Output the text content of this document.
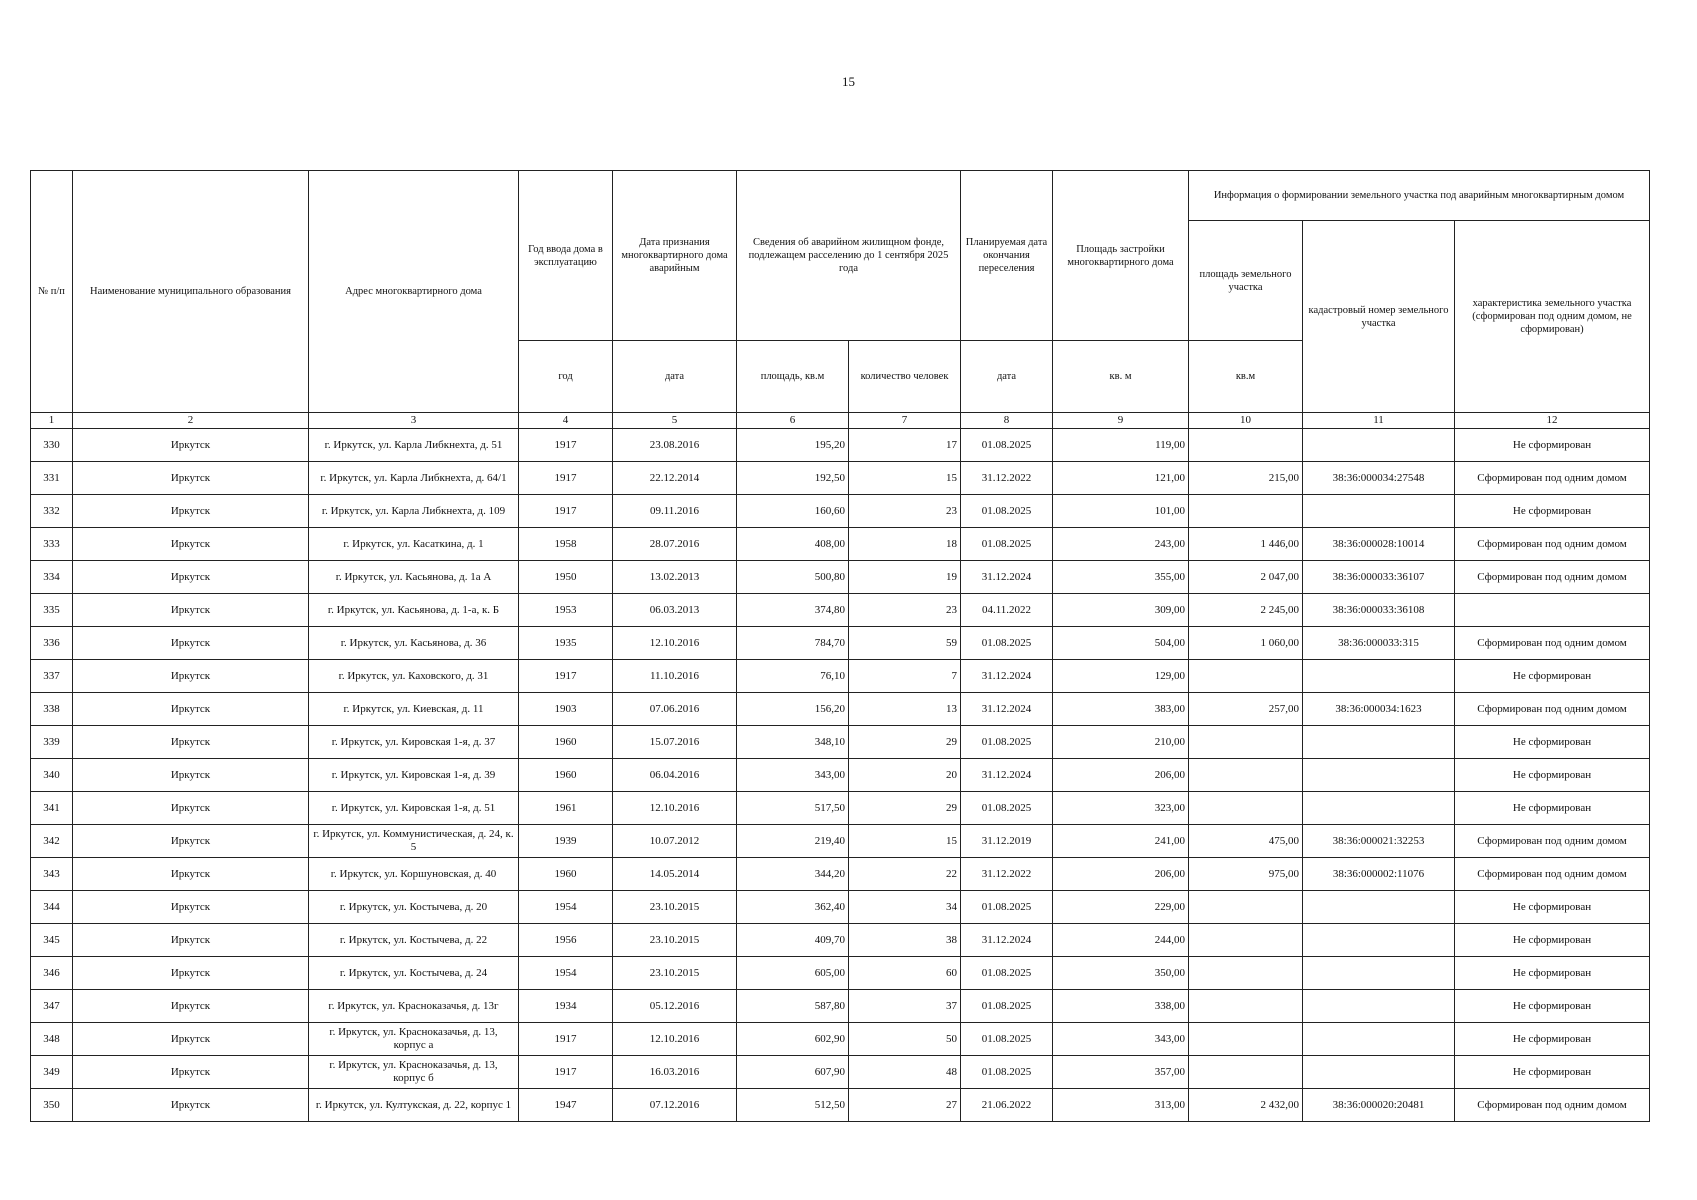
15
№ п/п	Наименование муниципального образования	Адрес многоквартирного дома	Год ввода дома в эксплуатацию	Дата признания многоквартирного дома аварийным	Сведения об аварийном жилищном фонде, подлежащем расселению до 1 сентября 2025 года		Планируемая дата окончания переселения	Площадь застройки многоквартирного дома	Информация о формировании земельного участка под аварийным многоквартирным домом		
									площадь земельного участка	кадастровый номер земельного участка	характеристика земельного участка (сформирован под одним домом, не сформирован)
			год	дата	площадь, кв.м	количество человек	дата	кв. м	кв.м		
1	2	3	4	5	6	7	8	9	10	11	12
330	Иркутск	г. Иркутск, ул. Карла Либкнехта, д. 51	1917	23.08.2016	195,20	17	01.08.2025	119,00			Не сформирован
331	Иркутск	г. Иркутск, ул. Карла Либкнехта, д. 64/1	1917	22.12.2014	192,50	15	31.12.2022	121,00	215,00	38:36:000034:27548	Сформирован под одним домом
332	Иркутск	г. Иркутск, ул. Карла Либкнехта, д. 109	1917	09.11.2016	160,60	23	01.08.2025	101,00			Не сформирован
333	Иркутск	г. Иркутск, ул. Касаткина, д. 1	1958	28.07.2016	408,00	18	01.08.2025	243,00	1 446,00	38:36:000028:10014	Сформирован под одним домом
334	Иркутск	г. Иркутск, ул. Касьянова, д. 1а А	1950	13.02.2013	500,80	19	31.12.2024	355,00	2 047,00	38:36:000033:36107	Сформирован под одним домом
335	Иркутск	г. Иркутск, ул. Касьянова, д. 1-а, к. Б	1953	06.03.2013	374,80	23	04.11.2022	309,00	2 245,00	38:36:000033:36108	
336	Иркутск	г. Иркутск, ул. Касьянова, д. 36	1935	12.10.2016	784,70	59	01.08.2025	504,00	1 060,00	38:36:000033:315	Сформирован под одним домом
337	Иркутск	г. Иркутск, ул. Каховского, д. 31	1917	11.10.2016	76,10	7	31.12.2024	129,00			Не сформирован
338	Иркутск	г. Иркутск, ул. Киевская, д. 11	1903	07.06.2016	156,20	13	31.12.2024	383,00	257,00	38:36:000034:1623	Сформирован под одним домом
339	Иркутск	г. Иркутск, ул. Кировская 1-я, д. 37	1960	15.07.2016	348,10	29	01.08.2025	210,00			Не сформирован
340	Иркутск	г. Иркутск, ул. Кировская 1-я, д. 39	1960	06.04.2016	343,00	20	31.12.2024	206,00			Не сформирован
341	Иркутск	г. Иркутск, ул. Кировская 1-я, д. 51	1961	12.10.2016	517,50	29	01.08.2025	323,00			Не сформирован
342	Иркутск	г. Иркутск, ул. Коммунистическая, д. 24, к. 5	1939	10.07.2012	219,40	15	31.12.2019	241,00	475,00	38:36:000021:32253	Сформирован под одним домом
343	Иркутск	г. Иркутск, ул. Коршуновская, д. 40	1960	14.05.2014	344,20	22	31.12.2022	206,00	975,00	38:36:000002:11076	Сформирован под одним домом
344	Иркутск	г. Иркутск, ул. Костычева, д. 20	1954	23.10.2015	362,40	34	01.08.2025	229,00			Не сформирован
345	Иркутск	г. Иркутск, ул. Костычева, д. 22	1956	23.10.2015	409,70	38	31.12.2024	244,00			Не сформирован
346	Иркутск	г. Иркутск, ул. Костычева, д. 24	1954	23.10.2015	605,00	60	01.08.2025	350,00			Не сформирован
347	Иркутск	г. Иркутск, ул. Красноказачья, д. 13г	1934	05.12.2016	587,80	37	01.08.2025	338,00			Не сформирован
348	Иркутск	г. Иркутск, ул. Красноказачья, д. 13, корпус а	1917	12.10.2016	602,90	50	01.08.2025	343,00			Не сформирован
349	Иркутск	г. Иркутск, ул. Красноказачья, д. 13, корпус б	1917	16.03.2016	607,90	48	01.08.2025	357,00			Не сформирован
350	Иркутск	г. Иркутск, ул. Култукская, д. 22, корпус 1	1947	07.12.2016	512,50	27	21.06.2022	313,00	2 432,00	38:36:000020:20481	Сформирован под одним домом
